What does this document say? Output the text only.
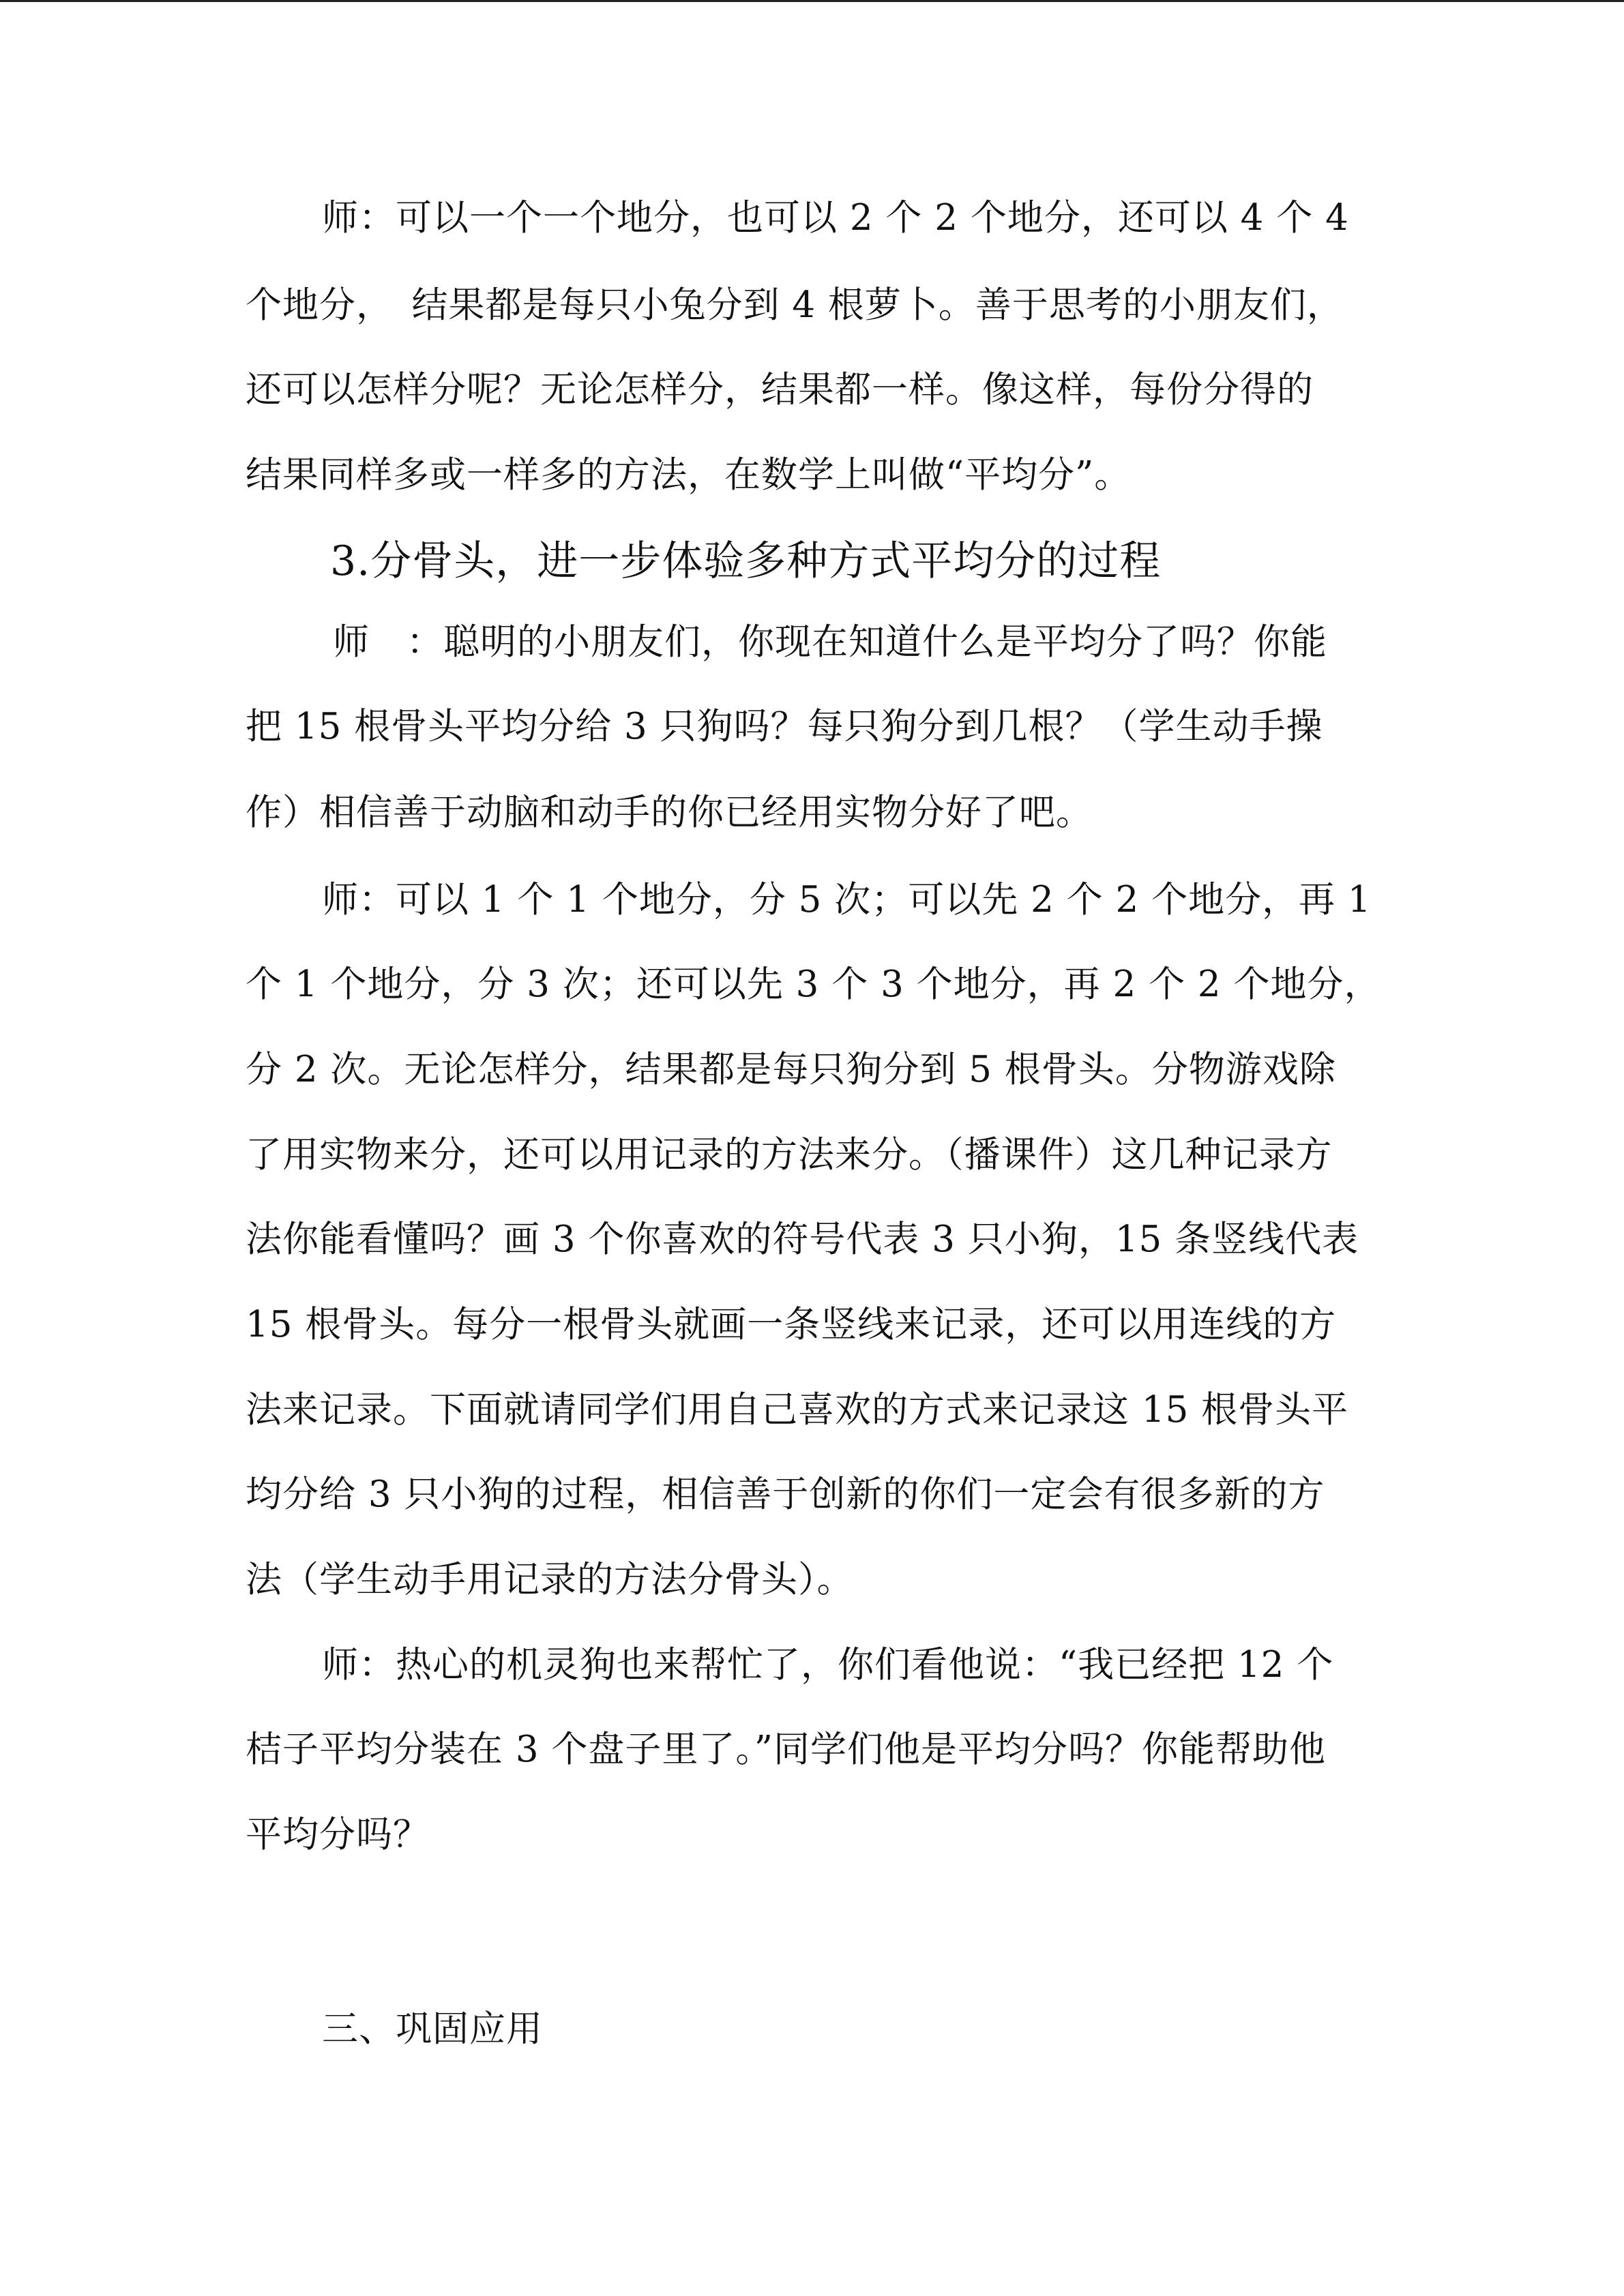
师：可以一个一个地分，也可以 2 个 2 个地分，还可以 4 个 4
个地分，　结果都是每只小兔分到 4 根萝卜。善于思考的小朋友们，
还可以怎样分呢？无论怎样分，结果都一样。像这样，每份分得的
结果同样多或一样多的方法，在数学上叫做“平均分”。
3.分骨头，进一步体验多种方式平均分的过程
师　：聪明的小朋友们，你现在知道什么是平均分了吗？你能
把 15 根骨头平均分给 3 只狗吗？每只狗分到几根？（学生动手操
作）相信善于动脑和动手的你已经用实物分好了吧。
师：可以 1 个 1 个地分，分 5 次；可以先 2 个 2 个地分，再 1
个 1 个地分，分 3 次；还可以先 3 个 3 个地分，再 2 个 2 个地分，
分 2 次。无论怎样分，结果都是每只狗分到 5 根骨头。分物游戏除
了用实物来分，还可以用记录的方法来分。（播课件）这几种记录方
法你能看懂吗？画 3 个你喜欢的符号代表 3 只小狗，15 条竖线代表
15 根骨头。每分一根骨头就画一条竖线来记录，还可以用连线的方
法来记录。下面就请同学们用自己喜欢的方式来记录这 15 根骨头平
均分给 3 只小狗的过程，相信善于创新的你们一定会有很多新的方
法（学生动手用记录的方法分骨头）。
师：热心的机灵狗也来帮忙了，你们看他说：“我已经把 12 个
桔子平均分装在 3 个盘子里了。”同学们他是平均分吗？你能帮助他
平均分吗？
三、巩固应用
